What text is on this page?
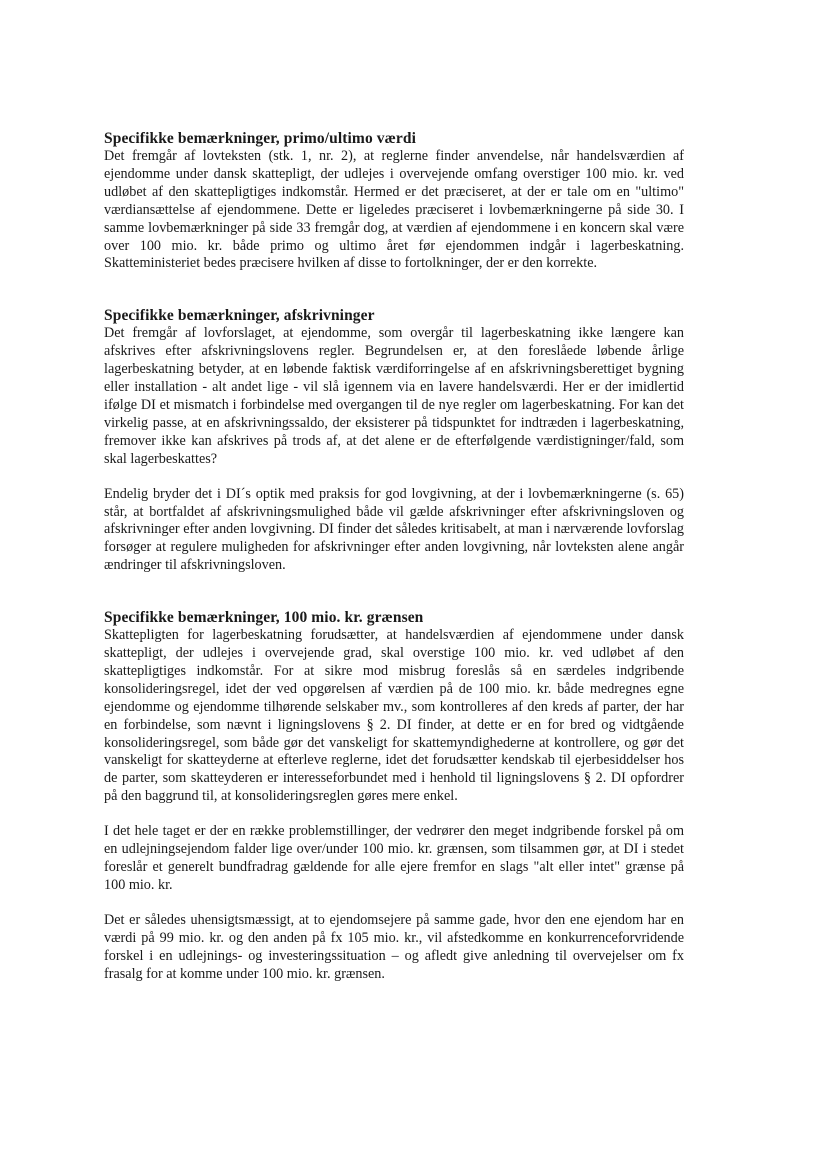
Specifikke bemærkninger, primo/ultimo værdi

Det fremgår af lovteksten (stk. 1, nr. 2), at reglerne finder anvendelse, når handelsværdien af ejendomme under dansk skattepligt, der udlejes i overvejende omfang overstiger 100 mio. kr. ved udløbet af den skattepligtiges indkomstår. Hermed er det præciseret, at der er tale om en "ultimo" værdiansættelse af ejendommene. Dette er ligeledes præciseret i lovbemærkningerne på side 30. I samme lovbemærkninger på side 33 fremgår dog, at værdien af ejendommene i en koncern skal være over 100 mio. kr. både primo og ultimo året før ejendommen indgår i lagerbeskatning. Skatteministeriet bedes præcisere hvilken af disse to fortolkninger, der er den korrekte.

Specifikke bemærkninger, afskrivninger

Det fremgår af lovforslaget, at ejendomme, som overgår til lagerbeskatning ikke længere kan afskrives efter afskrivningslovens regler. Begrundelsen er, at den foreslåede løbende årlige lagerbeskatning betyder, at en løbende faktisk værdiforringelse af en afskrivningsberettiget bygning eller installation - alt andet lige - vil slå igennem via en lavere handelsværdi. Her er der imidlertid ifølge DI et mismatch i forbindelse med overgangen til de nye regler om lagerbeskatning. For kan det virkelig passe, at en afskrivningssaldo, der eksisterer på tidspunktet for indtræden i lagerbeskatning, fremover ikke kan afskrives på trods af, at det alene er de efterfølgende værdistigninger/fald, som skal lagerbeskattes?

Endelig bryder det i DI´s optik med praksis for god lovgivning, at der i lovbemærkningerne (s. 65) står, at bortfaldet af afskrivningsmulighed både vil gælde afskrivninger efter afskrivningsloven og afskrivninger efter anden lovgivning. DI finder det således kritisabelt, at man i nærværende lovforslag forsøger at regulere muligheden for afskrivninger efter anden lovgivning, når lovteksten alene angår ændringer til afskrivningsloven.

Specifikke bemærkninger, 100 mio. kr. grænsen

Skattepligten for lagerbeskatning forudsætter, at handelsværdien af ejendommene under dansk skattepligt, der udlejes i overvejende grad, skal overstige 100 mio. kr. ved udløbet af den skattepligtiges indkomstår. For at sikre mod misbrug foreslås så en særdeles indgribende konsolideringsregel, idet der ved opgørelsen af værdien på de 100 mio. kr. både medregnes egne ejendomme og ejendomme tilhørende selskaber mv., som kontrolleres af den kreds af parter, der har en forbindelse, som nævnt i ligningslovens § 2. DI finder, at dette er en for bred og vidtgående konsolideringsregel, som både gør det vanskeligt for skattemyndighederne at kontrollere, og gør det vanskeligt for skatteyderne at efterleve reglerne, idet det forudsætter kendskab til ejerbesiddelser hos de parter, som skatteyderen er interesseforbundet med i henhold til ligningslovens § 2. DI opfordrer på den baggrund til, at konsolideringsreglen gøres mere enkel.

I det hele taget er der en række problemstillinger, der vedrører den meget indgribende forskel på om en udlejningsejendom falder lige over/under 100 mio. kr. grænsen, som tilsammen gør, at DI i stedet foreslår et generelt bundfradrag gældende for alle ejere fremfor en slags "alt eller intet" grænse på 100 mio. kr.

Det er således uhensigtsmæssigt, at to ejendomsejere på samme gade, hvor den ene ejendom har en værdi på 99 mio. kr. og den anden på fx 105 mio. kr., vil afstedkomme en konkurrenceforvridende forskel i en udlejnings- og investeringssituation – og afledt give anledning til overvejelser om fx frasalg for at komme under 100 mio. kr. grænsen.
